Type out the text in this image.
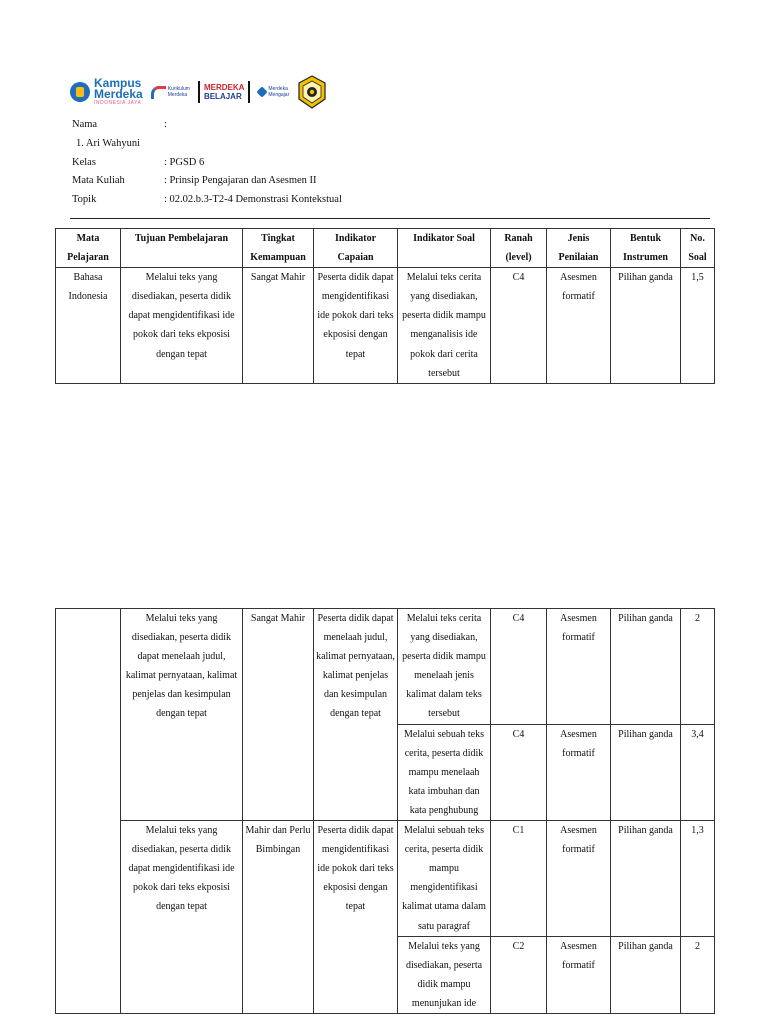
Kampus
Merdeka
INDONESIA JAYA
Kurikulum
Merdeka
MERDEKA
BELAJAR
Merdeka
Mengajar
Nama	:
1. Ari Wahyuni
Kelas	: PGSD 6
Mata Kuliah	: Prinsip Pengajaran dan Asesmen II
Topik	: 02.02.b.3-T2-4 Demonstrasi Kontekstual
Mata Pelajaran	Tujuan Pembelajaran	Tingkat Kemampuan	Indikator Capaian	Indikator Soal	Ranah (level)	Jenis Penilaian	Bentuk Instrumen	No. Soal
Bahasa Indonesia	Melalui teks yang disediakan, peserta didik dapat mengidentifikasi ide pokok dari teks ekposisi dengan tepat	Sangat Mahir	Peserta didik dapat mengidentifikasi ide pokok dari teks ekposisi dengan tepat	Melalui teks cerita yang disediakan, peserta didik mampu menganalisis ide pokok dari cerita tersebut	C4	Asesmen formatif	Pilihan ganda	1,5
	Melalui teks yang disediakan, peserta didik dapat menelaah judul, kalimat pernyataan, kalimat penjelas dan kesimpulan dengan tepat	Sangat Mahir	Peserta didik dapat menelaah judul, kalimat pernyataan, kalimat penjelas dan kesimpulan dengan tepat	Melalui teks cerita yang disediakan, peserta didik mampu menelaah jenis kalimat dalam teks tersebut	C4	Asesmen formatif	Pilihan ganda	2
				Melalui sebuah teks cerita, peserta didik mampu menelaah kata imbuhan dan kata penghubung	C4	Asesmen formatif	Pilihan ganda	3,4
	Melalui teks yang disediakan, peserta didik dapat mengidentifikasi ide pokok dari teks ekposisi dengan tepat	Mahir dan Perlu Bimbingan	Peserta didik dapat mengidentifikasi ide pokok dari teks ekposisi dengan tepat	Melalui sebuah teks cerita, peserta didik mampu mengidentifikasi kalimat utama dalam satu paragraf	C1	Asesmen formatif	Pilihan ganda	1,3
				Melalui teks yang disediakan, peserta didik mampu menunjukan ide	C2	Asesmen formatif	Pilihan ganda	2
